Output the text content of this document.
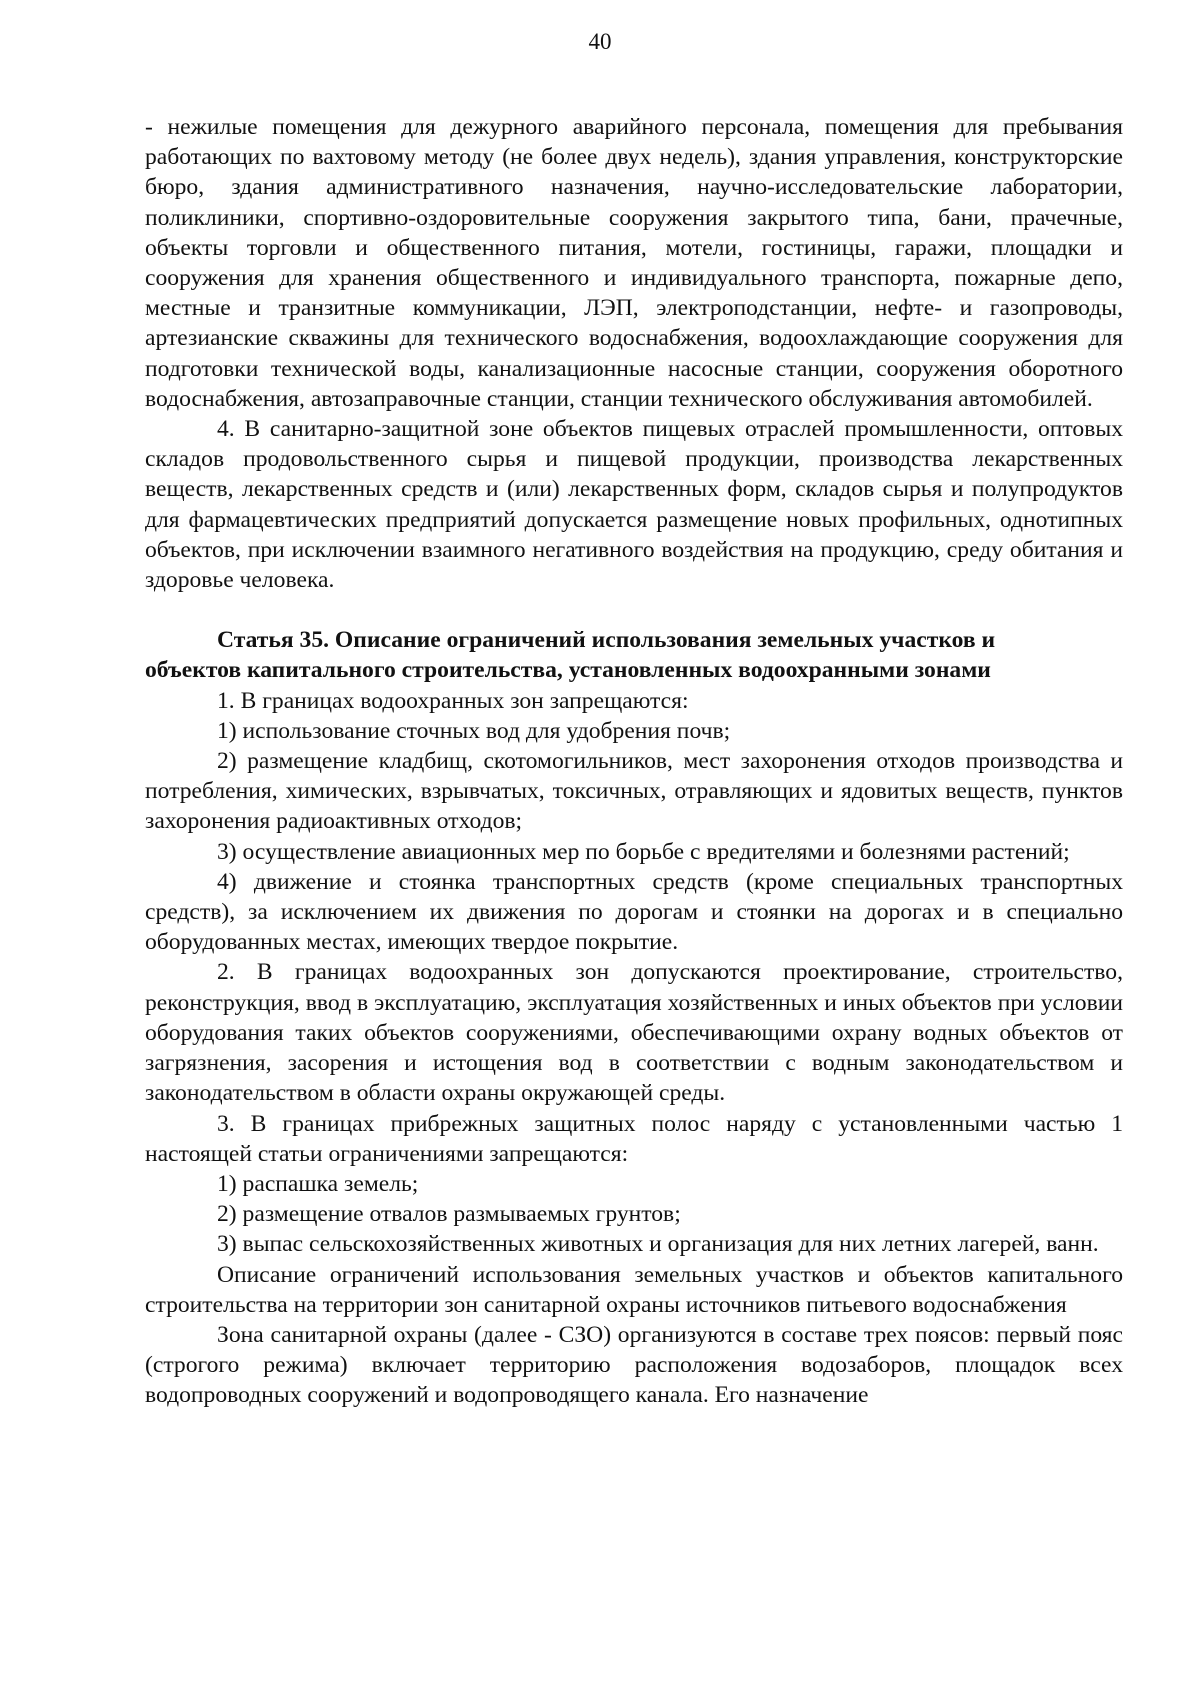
40

- нежилые помещения для дежурного аварийного персонала, помещения для пребывания работающих по вахтовому методу (не более двух недель), здания управления, конструкторские бюро, здания административного назначения, научно-исследовательские лаборатории, поликлиники, спортивно-оздоровительные сооружения закрытого типа, бани, прачечные, объекты торговли и общественного питания, мотели, гостиницы, гаражи, площадки и сооружения для хранения общественного и индивидуального транспорта, пожарные депо, местные и транзитные коммуникации, ЛЭП, электроподстанции, нефте- и газопроводы, артезианские скважины для технического водоснабжения, водоохлаждающие сооружения для подготовки технической воды, канализационные насосные станции, сооружения оборотного водоснабжения, автозаправочные станции, станции технического обслуживания автомобилей.

4. В санитарно-защитной зоне объектов пищевых отраслей промышленности, оптовых складов продовольственного сырья и пищевой продукции, производства лекарственных веществ, лекарственных средств и (или) лекарственных форм, складов сырья и полупродуктов для фармацевтических предприятий допускается размещение новых профильных, однотипных объектов, при исключении взаимного негативного воздействия на продукцию, среду обитания и здоровье человека.

Статья 35. Описание ограничений использования земельных участков и
объектов капитального строительства, установленных водоохранными зонами

1. В границах водоохранных зон запрещаются:

1) использование сточных вод для удобрения почв;

2) размещение кладбищ, скотомогильников, мест захоронения отходов производства и потребления, химических, взрывчатых, токсичных, отравляющих и ядовитых веществ, пунктов захоронения радиоактивных отходов;

3) осуществление авиационных мер по борьбе с вредителями и болезнями растений;

4) движение и стоянка транспортных средств (кроме специальных транспортных средств), за исключением их движения по дорогам и стоянки на дорогах и в специально оборудованных местах, имеющих твердое покрытие.

2. В границах водоохранных зон допускаются проектирование, строительство, реконструкция, ввод в эксплуатацию, эксплуатация хозяйственных и иных объектов при условии оборудования таких объектов сооружениями, обеспечивающими охрану водных объектов от загрязнения, засорения и истощения вод в соответствии с водным законодательством и законодательством в области охраны окружающей среды.

3. В границах прибрежных защитных полос наряду с установленными частью 1 настоящей статьи ограничениями запрещаются:

1) распашка земель;

2) размещение отвалов размываемых грунтов;

3) выпас сельскохозяйственных животных и организация для них летних лагерей, ванн.

Описание ограничений использования земельных участков и объектов капитального строительства на территории зон санитарной охраны источников питьевого водоснабжения

Зона санитарной охраны (далее - СЗО) организуются в составе трех поясов: первый пояс (строгого режима) включает территорию расположения водозаборов, площадок всех водопроводных сооружений и водопроводящего канала. Его назначение
